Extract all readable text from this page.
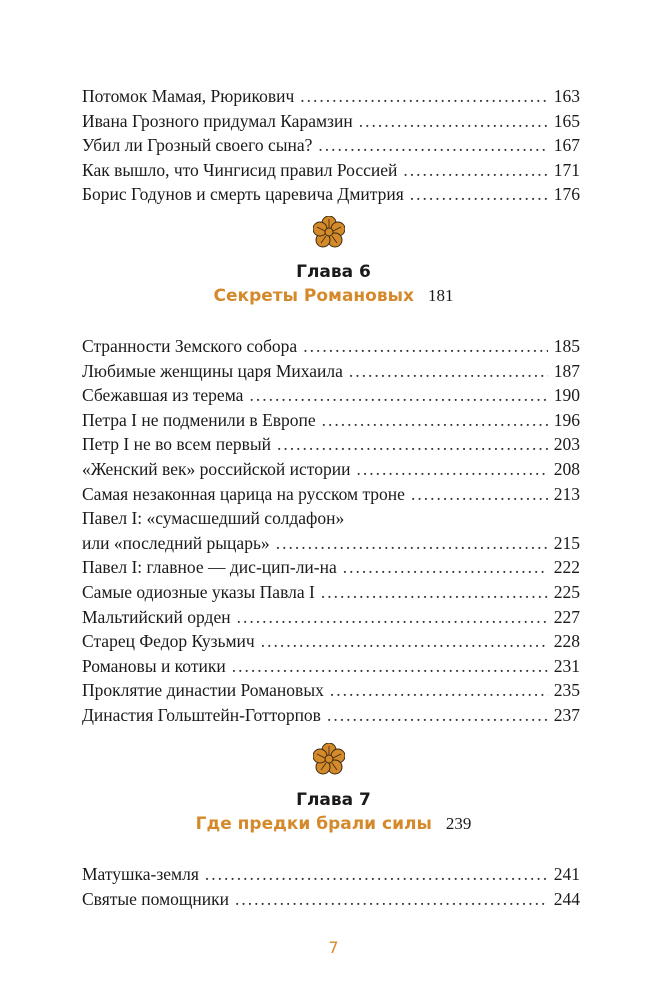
Потомок Мамая, Рюрикович .....	163
Ивана Грозного придумал Карамзин .....	165
Убил ли Грозный своего сына? .....	167
Как вышло, что Чингисид правил Россией .....	171
Борис Годунов и смерть царевича Дмитрия .....	176
Глава 6
Секреты Романовых 181
Странности Земского собора .....	185
Любимые женщины царя Михаила .....	187
Сбежавшая из терема .....	190
Петра I не подменили в Европе .....	196
Петр I не во всем первый .....	203
«Женский век» российской истории .....	208
Самая незаконная царица на русском троне .....	213
Павел I: «сумасшедший солдафон»
или «последний рыцарь» .....	215
Павел I: главное — дис-цип-ли-на .....	222
Самые одиозные указы Павла I .....	225
Мальтийский орден .....	227
Старец Федор Кузьмич .....	228
Романовы и котики .....	231
Проклятие династии Романовых .....	235
Династия Гольштейн-Готторпов .....	237
Глава 7
Где предки брали силы 239
Матушка-земля .....	241
Святые помощники .....	244
7
